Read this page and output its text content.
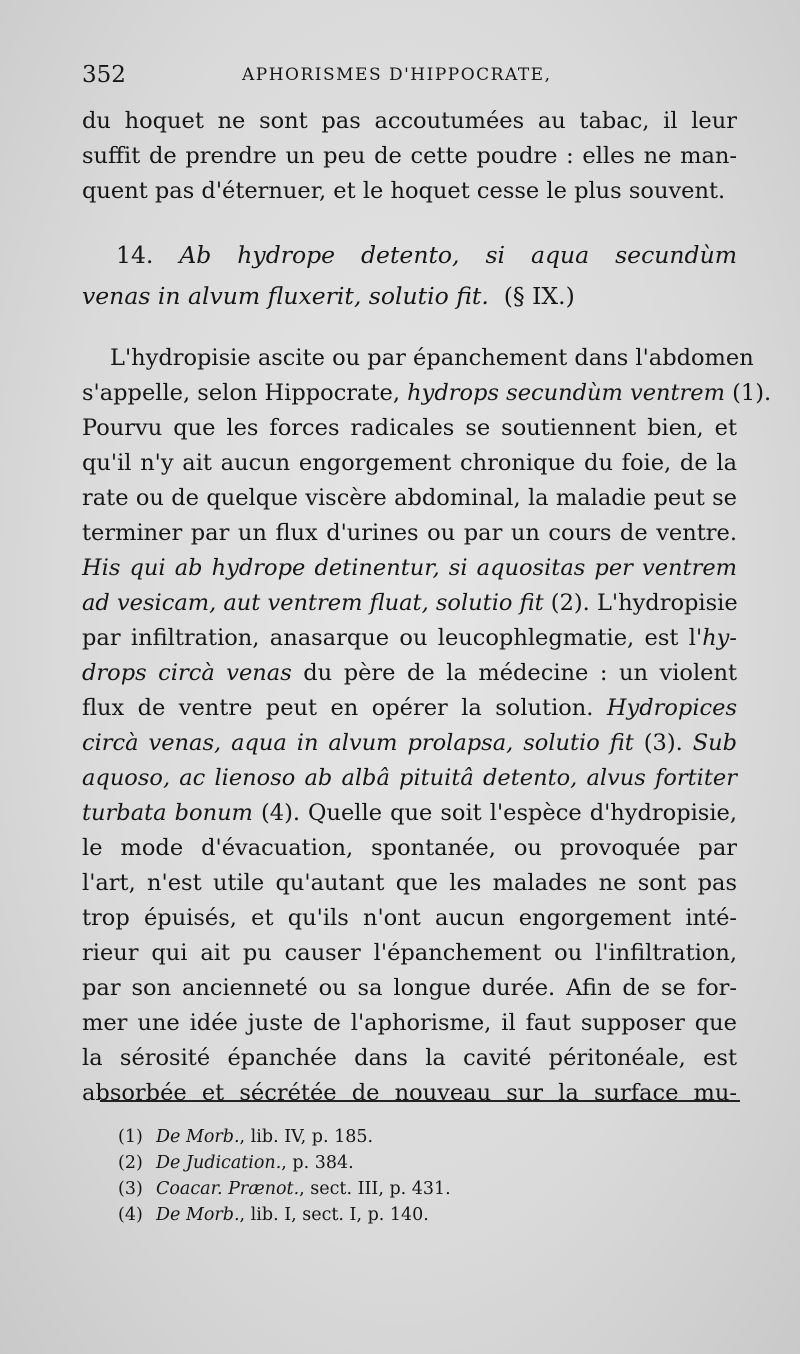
352	APHORISMES D'HIPPOCRATE,
du hoquet ne sont pas accoutumées au tabac, il leur
suffit de prendre un peu de cette poudre : elles ne man-
quent pas d'éternuer, et le hoquet cesse le plus souvent.
14. Ab hydrope detento, si aqua secundùm
venas in alvum fluxerit, solutio fit. (§ IX.)
L'hydropisie ascite ou par épanchement dans l'abdomen
s'appelle, selon Hippocrate, hydrops secundùm ventrem (1).
Pourvu que les forces radicales se soutiennent bien, et
qu'il n'y ait aucun engorgement chronique du foie, de la
rate ou de quelque viscère abdominal, la maladie peut se
terminer par un flux d'urines ou par un cours de ventre.
His qui ab hydrope detinentur, si aquositas per ventrem
ad vesicam, aut ventrem fluat, solutio fit (2). L'hydropisie
par infiltration, anasarque ou leucophlegmatie, est l'hy-
drops circà venas du père de la médecine : un violent
flux de ventre peut en opérer la solution. Hydropices
circà venas, aqua in alvum prolapsa, solutio fit (3). Sub
aquoso, ac lienoso ab albâ pituitâ detento, alvus fortiter
turbata bonum (4). Quelle que soit l'espèce d'hydropisie,
le mode d'évacuation, spontanée, ou provoquée par
l'art, n'est utile qu'autant que les malades ne sont pas
trop épuisés, et qu'ils n'ont aucun engorgement inté-
rieur qui ait pu causer l'épanchement ou l'infiltration,
par son ancienneté ou sa longue durée. Afin de se for-
mer une idée juste de l'aphorisme, il faut supposer que
la sérosité épanchée dans la cavité péritonéale, est
absorbée et sécrétée de nouveau sur la surface mu-
(1) De Morb., lib. IV, p. 185.
(2) De Judication., p. 384.
(3) Coacar. Prænot., sect. III, p. 431.
(4) De Morb., lib. I, sect. I, p. 140.
